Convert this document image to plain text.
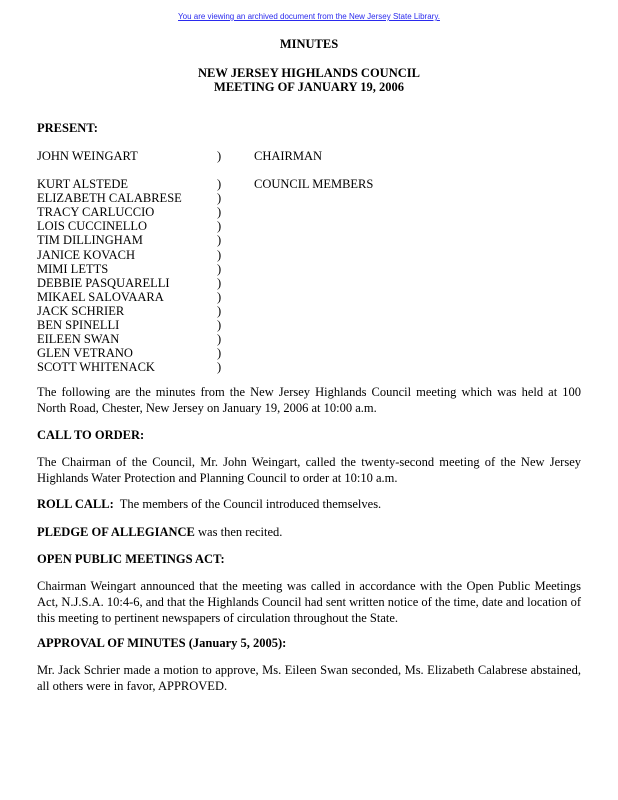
You are viewing an archived document from the New Jersey State Library.
MINUTES
NEW JERSEY HIGHLANDS COUNCIL
MEETING OF JANUARY 19, 2006
PRESENT:
JOHN WEINGART	)	CHAIRMAN
KURT ALSTEDE	)	COUNCIL MEMBERS
ELIZABETH CALABRESE	)
TRACY CARLUCCIO	)
LOIS CUCCINELLO	)
TIM DILLINGHAM	)
JANICE KOVACH	)
MIMI LETTS	)
DEBBIE PASQUARELLI	)
MIKAEL SALOVAARA	)
JACK SCHRIER	)
BEN SPINELLI	)
EILEEN SWAN	)
GLEN VETRANO	)
SCOTT WHITENACK	)
The following are the minutes from the New Jersey Highlands Council meeting which was held at 100 North Road, Chester, New Jersey on January 19, 2006 at 10:00 a.m.
CALL TO ORDER:
The Chairman of the Council, Mr. John Weingart, called the twenty-second meeting of the New Jersey Highlands Water Protection and Planning Council to order at 10:10 a.m.
ROLL CALL:  The members of the Council introduced themselves.
PLEDGE OF ALLEGIANCE was then recited.
OPEN PUBLIC MEETINGS ACT:
Chairman Weingart announced that the meeting was called in accordance with the Open Public Meetings Act, N.J.S.A. 10:4-6, and that the Highlands Council had sent written notice of the time, date and location of this meeting to pertinent newspapers of circulation throughout the State.
APPROVAL OF MINUTES (January 5, 2005):
Mr. Jack Schrier made a motion to approve, Ms. Eileen Swan seconded, Ms. Elizabeth Calabrese abstained, all others were in favor, APPROVED.
